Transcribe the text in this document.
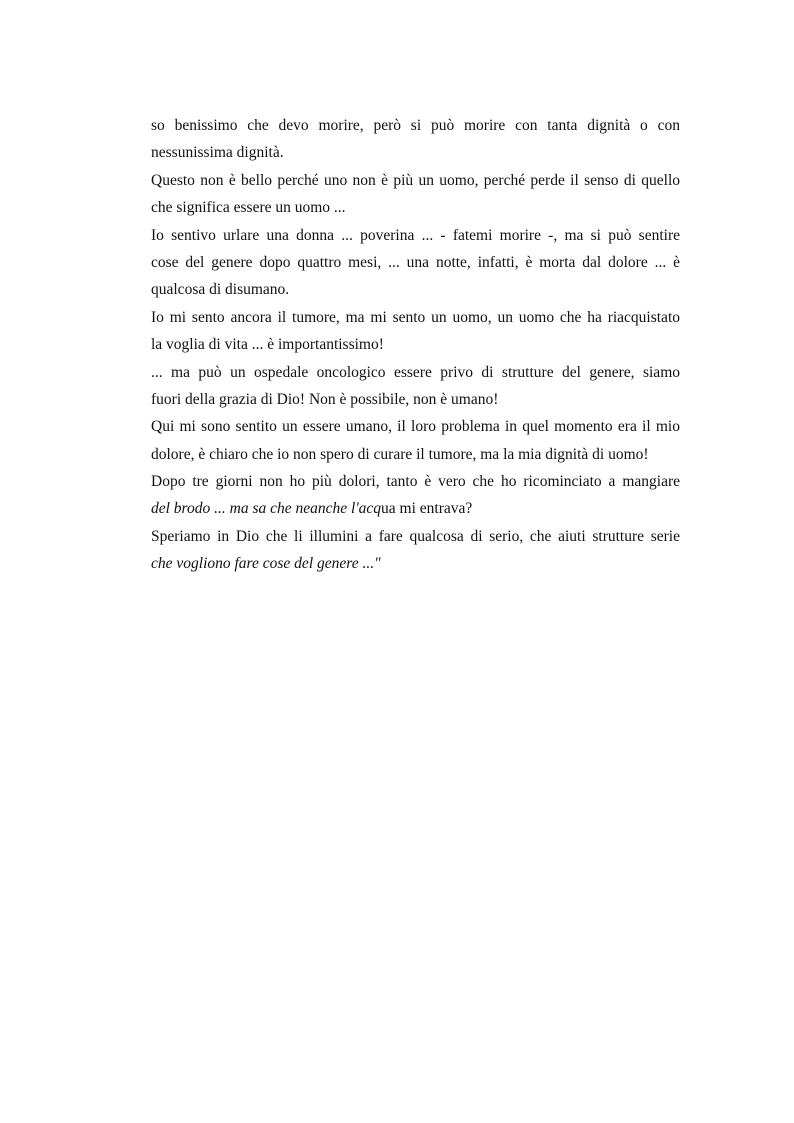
so benissimo che devo morire, però si può morire con tanta dignità o con
nessunissima dignità.
Questo non è bello perché uno non è più un uomo, perché perde il senso di quello
che significa essere un uomo ...
Io sentivo urlare una donna ... poverina ... - fatemi morire -, ma si può sentire
cose del genere dopo quattro mesi, ... una notte, infatti, è morta dal dolore ... è
qualcosa di disumano.
Io mi sento ancora il tumore, ma mi sento un uomo, un uomo che ha riacquistato
la voglia di vita ... è importantissimo!
... ma può un ospedale oncologico essere privo di strutture del genere, siamo
fuori della grazia di Dio! Non è possibile, non è umano!
Qui mi sono sentito un essere umano, il loro problema in quel momento era il mio
dolore, è chiaro che io non spero di curare il tumore, ma la mia dignità di uomo!
Dopo tre giorni non ho più dolori, tanto è vero che ho ricominciato a mangiare
del brodo ... ma sa che neanche l'acqua mi entrava?
Speriamo in Dio che li illumini a fare qualcosa di serio, che aiuti strutture serie
che vogliono fare cose del genere ..."
